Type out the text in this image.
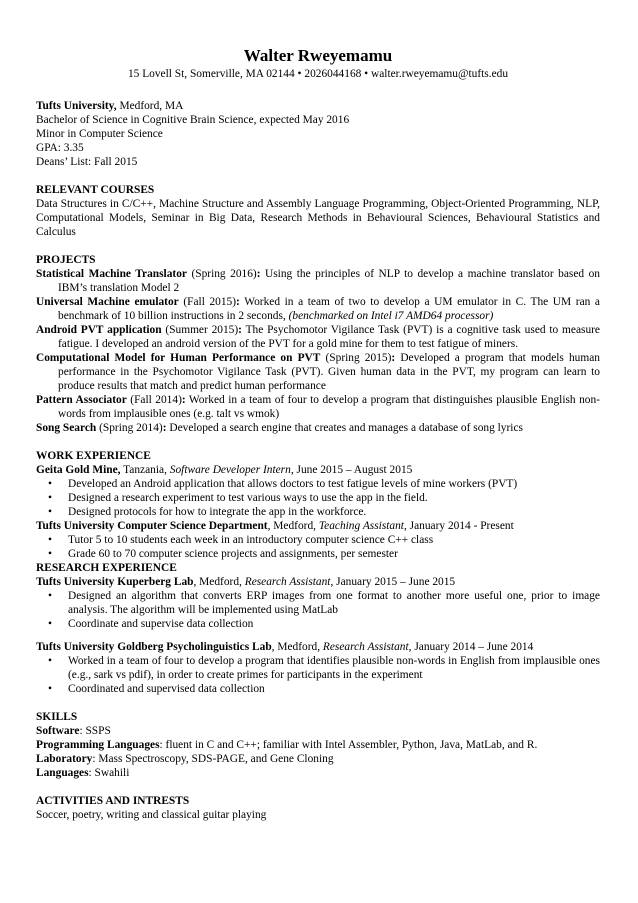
Walter Rweyemamu
15 Lovell St, Somerville, MA 02144 • 2026044168 • walter.rweyemamu@tufts.edu

Tufts University, Medford, MA

Bachelor of Science in Cognitive Brain Science, expected May 2016

Minor in Computer Science

GPA: 3.35

Deans’ List: Fall 2015

RELEVANT COURSES

Data Structures in C/C++, Machine Structure and Assembly Language Programming, Object-Oriented Programming, NLP, Computational Models, Seminar in Big Data, Research Methods in Behavioural Sciences, Behavioural Statistics and Calculus

PROJECTS

Statistical Machine Translator (Spring 2016): Using the principles of NLP to develop a machine translator based on IBM’s translation Model 2

Universal Machine emulator (Fall 2015): Worked in a team of two to develop a UM emulator in C. The UM ran a benchmark of 10 billion instructions in 2 seconds, (benchmarked on Intel i7 AMD64 processor)

Android PVT application (Summer 2015): The Psychomotor Vigilance Task (PVT) is a cognitive task used to measure fatigue. I developed an android version of the PVT for a gold mine for them to test fatigue of miners.

Computational Model for Human Performance on PVT (Spring 2015): Developed a program that models human performance in the Psychomotor Vigilance Task (PVT). Given human data in the PVT, my program can learn to produce results that match and predict human performance

Pattern Associator (Fall 2014): Worked in a team of four to develop a program that distinguishes plausible English non-words from implausible ones (e.g. talt vs wmok)

Song Search (Spring 2014): Developed a search engine that creates and manages a database of song lyrics

WORK EXPERIENCE

Geita Gold Mine, Tanzania, Software Developer Intern, June 2015 – August 2015

• Developed an Android application that allows doctors to test fatigue levels of mine workers (PVT)
• Designed a research experiment to test various ways to use the app in the field.
• Designed protocols for how to integrate the app in the workforce.

Tufts University Computer Science Department, Medford, Teaching Assistant, January 2014 - Present

• Tutor 5 to 10 students each week in an introductory computer science C++ class
• Grade 60 to 70 computer science projects and assignments, per semester

RESEARCH EXPERIENCE

Tufts University Kuperberg Lab, Medford, Research Assistant, January 2015 – June 2015

• Designed an algorithm that converts ERP images from one format to another more useful one, prior to image analysis. The algorithm will be implemented using MatLab
• Coordinate and supervise data collection

Tufts University Goldberg Psycholinguistics Lab, Medford, Research Assistant, January 2014 – June 2014

• Worked in a team of four to develop a program that identifies plausible non-words in English from implausible ones (e.g., sark vs pdif), in order to create primes for participants in the experiment
• Coordinated and supervised data collection

SKILLS

Software: SSPS

Programming Languages: fluent in C and C++; familiar with Intel Assembler, Python, Java, MatLab, and R.

Laboratory: Mass Spectroscopy, SDS-PAGE, and Gene Cloning

Languages: Swahili

ACTIVITIES AND INTRESTS

Soccer, poetry, writing and classical guitar playing
